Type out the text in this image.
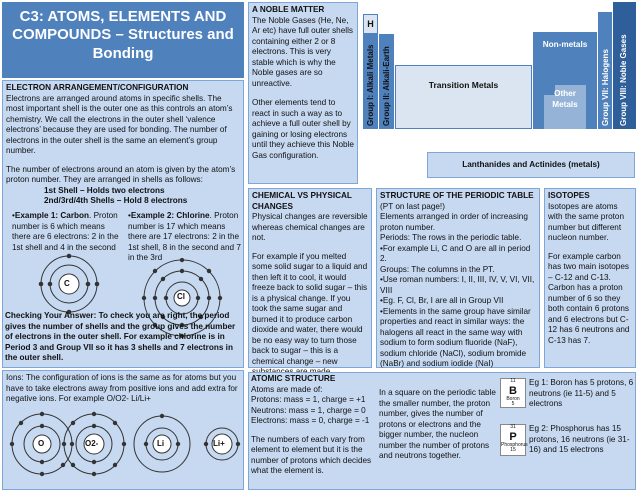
C3: ATOMS, ELEMENTS AND COMPOUNDS – Structures and Bonding
ELECTRON ARRANGEMENT/CONFIGURATION

Electrons are arranged around atoms in specific shells. The most important shell is the outer one as this controls an atom’s chemistry. We call the electrons in the outer shell ‘valence electrons’ because they are used for bonding. The number of electrons in the outer shell is the same an element’s group number.

The number of electrons around an atom is given by the atom’s proton number. They are arranged in shells as follows:

1st Shell – Holds two electrons

2nd/3rd/4th Shells – Hold 8 electrons

•Example 1: Carbon. Proton number is 6 which means there are 6 electrons: 2 in the 1st shell and 4 in the second
•Example 2: Chlorine. Proton number is 17 which means there are 17 electrons: 2 in the 1st shell, 8 in the second and 7 in the 3rd
C
Cl
Checking Your Answer: To check you are right, the period gives the number of shells and the group gives the number of electrons in the outer shell. For example chlorine is in Period 3 and Group VII so it has 3 shells and 7 electrons in the outer shell.

Ions: The configuration of ions is the same as for atoms but you have to take electrons away from positive ions and add extra for negative ions. For example O/O2- Li/Li+

O	O2-	Li	Li+
A NOBLE MATTER

The Noble Gases (He, Ne, Ar etc) have full outer shells containing either 2 or 8 electrons. This is very stable which is why the Noble gases are so unreactive.

Other elements tend to react in such a way as to achieve a full outer shell by gaining or losing electrons until they achieve this Noble Gas configuration.

H
Group I: Alkali Metals Group II: Alkali-Earth	Transition Metals
Non-metals
Other Metals	Group VII: Halogens Group VIII: Noble Gases
Lanthanides and Actinides (metals)
CHEMICAL VS PHYSICAL CHANGES

Physical changes are reversible whereas chemical changes are not.

For example if you melted some solid sugar to a liquid and then left it to cool, it would freeze back to solid sugar – this is a physical change. If you took the same sugar and burned it to produce carbon dioxide and water, there would be no easy way to turn those back to sugar – this is a chemical change – new

STRUCTURE OF THE PERIODIC TABLE (PT on last page!)

Elements arranged in order of increasing proton number.

Periods: The rows in the periodic table.

•For example Li, C and O are all in period 2.

Groups: The columns in the PT.

•Use roman numbers: I, II, III, IV, V, VI, VII, VIII

•Eg. F, Cl, Br, I are all in Group VII

•Elements in the same group have similar properties and react in similar ways: the halogens all react in the same way with sodium to form sodium fluoride (NaF), sodium chloride (NaCl), sodium bromide (NaBr) and sodium iodide (NaI)

ISOTOPES

Isotopes are atoms with the same proton number but different nucleon number.

For example carbon has two main isotopes – C-12 and C-13. Carbon has a proton number of 6 so they both contain 6 protons and 6 electrons but C-12 has 6 neutrons and C-13 has 7.

ATOMIC STRUCTURE

Atoms are made of:

Protons: mass = 1, charge = +1

Neutrons: mass = 1, charge = 0

Electrons: mass = 0, charge = -1

The numbers of each vary from element to element but it is the number of protons which decides what the element is.

In a square on the periodic table the smaller number, the proton number, gives the number of protons or electrons and the bigger number, the nucleon number the number of protons and neutrons together.

11
B
Boron
5
31
P
Phosphorus
15
Eg 1: Boron has 5 protons, 6 neutrons (ie 11-5) and 5 electrons
Eg 2: Phosphorus has 15 protons, 16 neutrons (ie 31-16) and 15 electrons
